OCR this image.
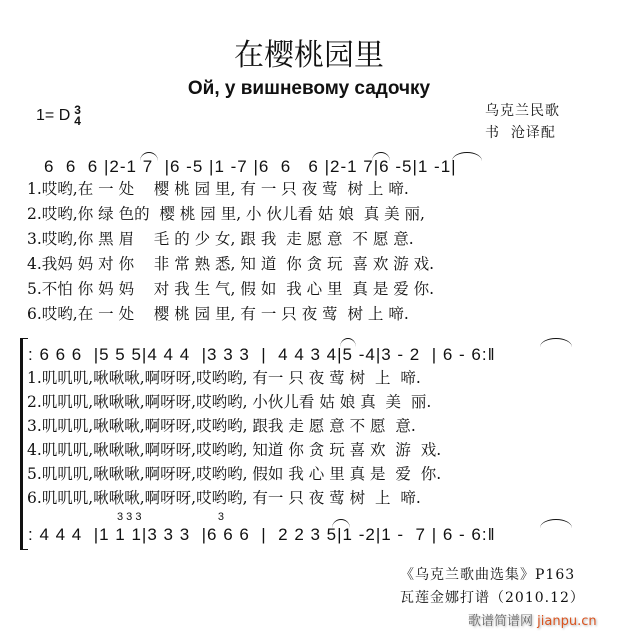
在樱桃园里
Ой, у вишневому садочку
1= D 3
4
乌克兰民歌
书  沧译配
6  6  6 |2-1 7  |6 -5 |1 -7 |6  6   6 |2-1 7|6 -5|1 -1|
1.哎哟,在 一 处    樱 桃 园 里, 有 一 只 夜 莺  树 上 啼.
2.哎哟,你 绿 色的  樱 桃 园 里, 小 伙儿看 姑 娘  真 美 丽,
3.哎哟,你 黑 眉    毛 的 少 女, 跟 我  走 愿 意  不 愿 意.
4.我妈 妈 对 你    非 常 熟 悉, 知 道  你 贪 玩  喜 欢 游 戏.
5.不怕 你 妈 妈    对 我 生 气, 假 如  我 心 里  真 是 爱 你.
6.哎哟,在 一 处    樱 桃 园 里, 有 一 只 夜 莺  树 上 啼.
: 6 6 6  |5 5 5|4 4 4  |3 3 3  |  4 4 3 4|5 -4|3 - 2  | 6 - 6:‖
1.叽叽叽,啾啾啾,啊呀呀,哎哟哟, 有一 只 夜 莺 树  上  啼.
2.叽叽叽,啾啾啾,啊呀呀,哎哟哟, 小伙儿看 姑 娘 真  美  丽.
3.叽叽叽,啾啾啾,啊呀呀,哎哟哟, 跟我 走 愿 意 不 愿  意.
4.叽叽叽,啾啾啾,啊呀呀,哎哟哟, 知道 你 贪 玩 喜 欢  游  戏.
5.叽叽叽,啾啾啾,啊呀呀,哎哟哟, 假如 我 心 里 真 是  爱  你.
6.叽叽叽,啾啾啾,啊呀呀,哎哟哟, 有一 只 夜 莺 树  上  啼.
3 3 3                         3
: 4 4 4  |1 1 1|3 3 3  |6 6 6  |  2 2 3 5|1 -2|1 -  7 | 6 - 6:‖
《乌克兰歌曲选集》P163
瓦莲金娜打谱（2010.12）
歌谱简谱网 jianpu.cn
